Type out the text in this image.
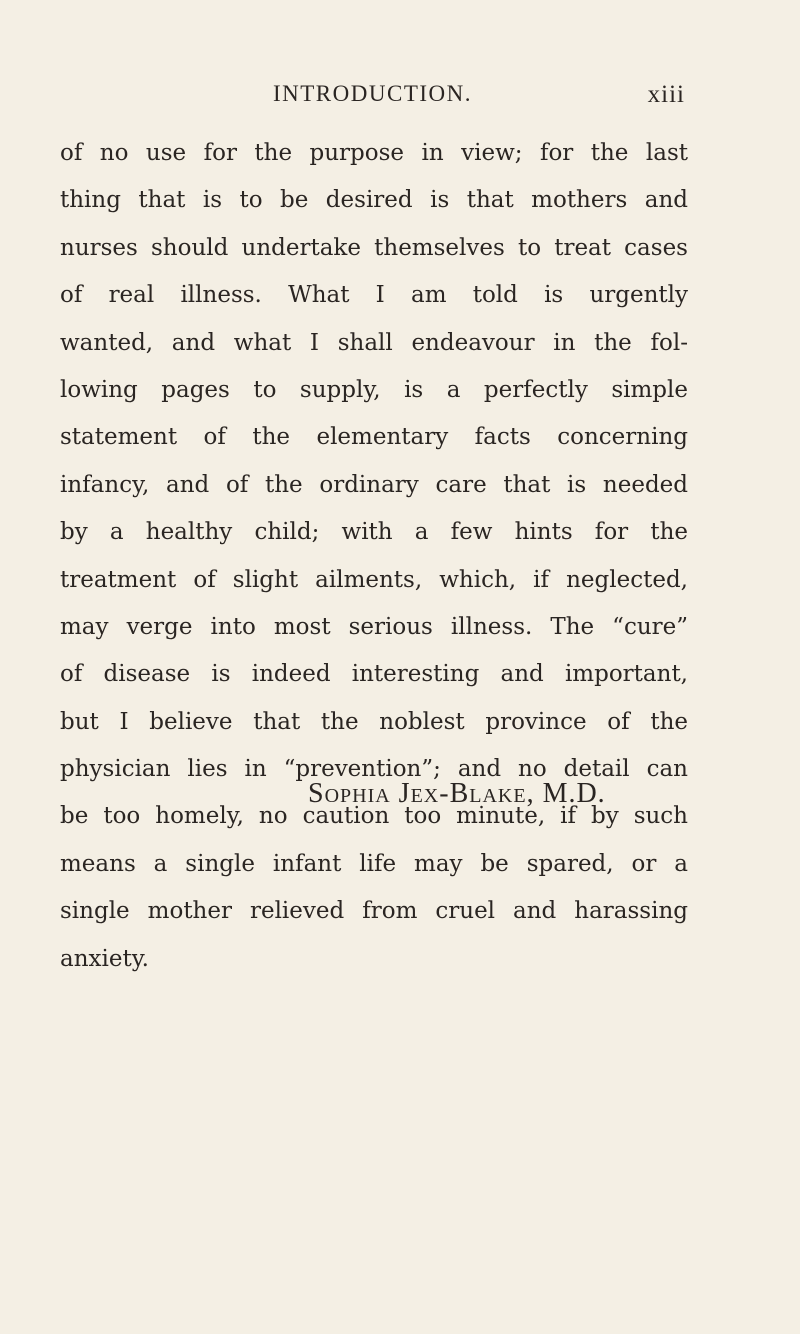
INTRODUCTION.	xiii
of no use for the purpose in view; for the last
thing that is to be desired is that mothers and
nurses should undertake themselves to treat cases
of real illness. What I am told is urgently
wanted, and what I shall endeavour in the fol-
lowing pages to supply, is a perfectly simple
statement of the elementary facts concerning
infancy, and of the ordinary care that is needed
by a healthy child; with a few hints for the
treatment of slight ailments, which, if neglected,
may verge into most serious illness. The “cure”
of disease is indeed interesting and important,
but I believe that the noblest province of the
physician lies in “prevention”; and no detail can
be too homely, no caution too minute, if by such
means a single infant life may be spared, or a
single mother relieved from cruel and harassing
anxiety.
Sophia Jex-Blake, M.D.
